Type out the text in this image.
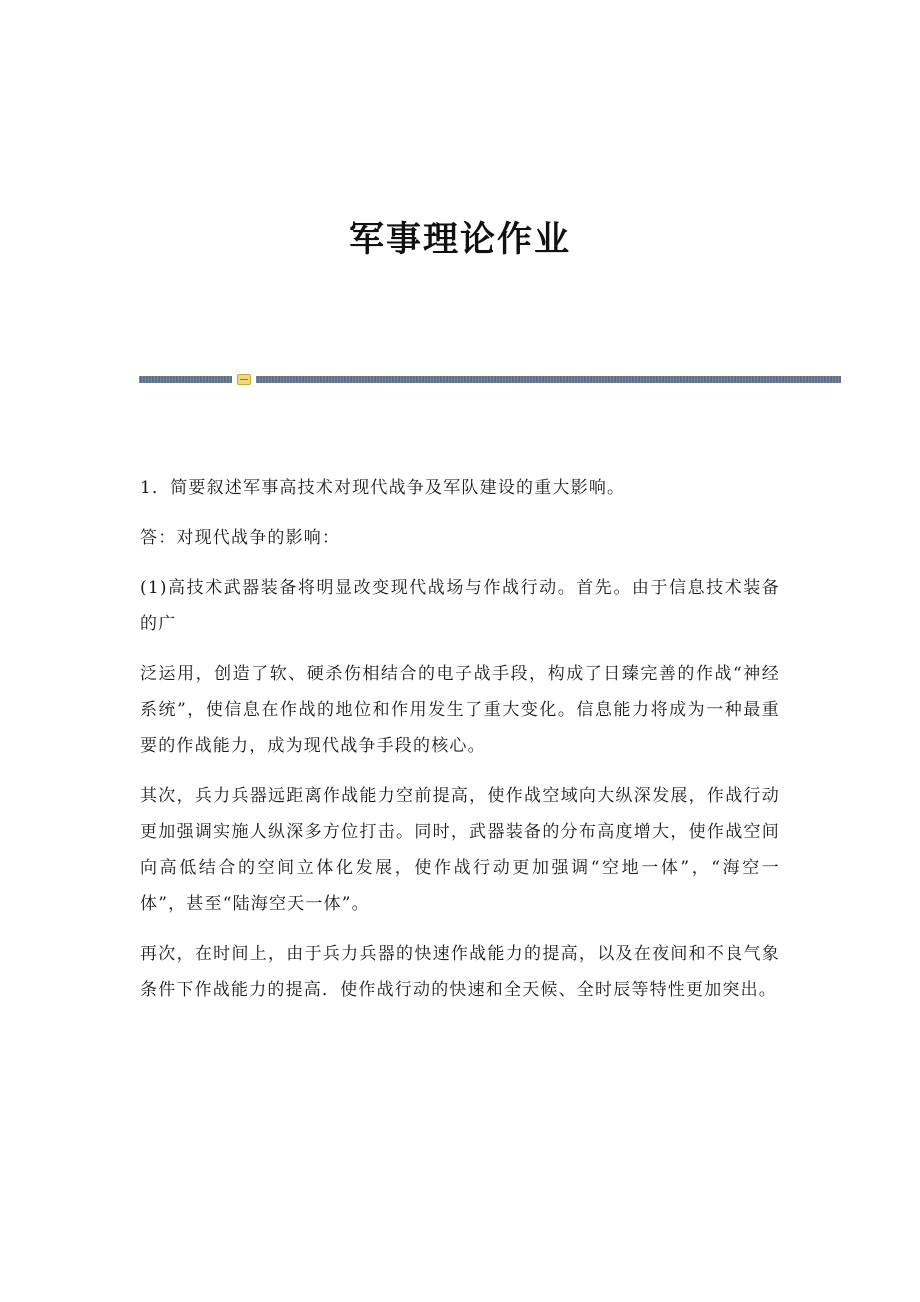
军事理论作业

1．简要叙述军事高技术对现代战争及军队建设的重大影响。

答：对现代战争的影响：

(1)高技术武器装备将明显改变现代战场与作战行动。首先。由于信息技术装备的广

泛运用，创造了软、硬杀伤相结合的电子战手段，构成了日臻完善的作战“神经系统”，使信息在作战的地位和作用发生了重大变化。信息能力将成为一种最重要的作战能力，成为现代战争手段的核心。

其次，兵力兵器远距离作战能力空前提高，使作战空域向大纵深发展，作战行动更加强调实施人纵深多方位打击。同时，武器装备的分布高度增大，使作战空间向高低结合的空间立体化发展，使作战行动更加强调“空地一体”，“海空一体”，甚至“陆海空天一体”。

再次，在时间上，由于兵力兵器的快速作战能力的提高，以及在夜间和不良气象条件下作战能力的提高．使作战行动的快速和全天候、全时辰等特性更加突出。
